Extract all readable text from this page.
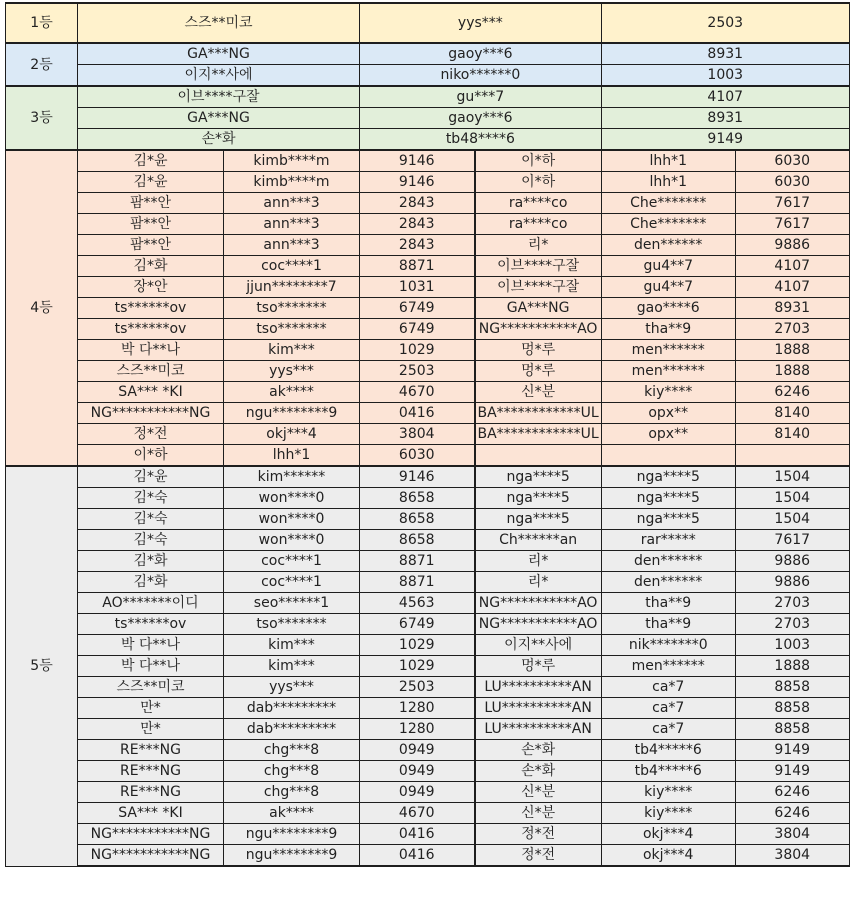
1등	스즈**미코		yys***		2503	
2등	GA***NG		gaoy***6		8931	
	이지**사에		niko******0		1003	
3등	이브****구잘		gu***7		4107	
	GA***NG		gaoy***6		8931	
	손*화		tb48****6		9149	
4등	김*윤	kimb****m	9146	이*하	lhh*1	6030
	김*윤	kimb****m	9146	이*하	lhh*1	6030
	팜**안	ann***3	2843	ra****co	Che*******	7617
	팜**안	ann***3	2843	ra****co	Che*******	7617
	팜**안	ann***3	2843	리*	den******	9886
	김*화	coc****1	8871	이브****구잘	gu4**7	4107
	장*안	jjun********7	1031	이브****구잘	gu4**7	4107
	ts******ov	tso*******	6749	GA***NG	gao****6	8931
	ts******ov	tso*******	6749	NG***********AO	tha**9	2703
	박 다**나	kim***	1029	멍*루	men******	1888
	스즈**미코	yys***	2503	멍*루	men******	1888
	SA*** *KI	ak****	4670	신*분	kiy****	6246
	NG***********NG	ngu********9	0416	BA************UL	opx**	8140
	정*전	okj***4	3804	BA************UL	opx**	8140
	이*하	lhh*1	6030			
5등	김*윤	kim******	9146	nga****5	nga****5	1504
	김*숙	won****0	8658	nga****5	nga****5	1504
	김*숙	won****0	8658	nga****5	nga****5	1504
	김*숙	won****0	8658	Ch******an	rar*****	7617
	김*화	coc****1	8871	리*	den******	9886
	김*화	coc****1	8871	리*	den******	9886
	AO*******이디	seo******1	4563	NG***********AO	tha**9	2703
	ts******ov	tso*******	6749	NG***********AO	tha**9	2703
	박 다**나	kim***	1029	이지**사에	nik*******0	1003
	박 다**나	kim***	1029	멍*루	men******	1888
	스즈**미코	yys***	2503	LU**********AN	ca*7	8858
	만*	dab*********	1280	LU**********AN	ca*7	8858
	만*	dab*********	1280	LU**********AN	ca*7	8858
	RE***NG	chg***8	0949	손*화	tb4*****6	9149
	RE***NG	chg***8	0949	손*화	tb4*****6	9149
	RE***NG	chg***8	0949	신*분	kiy****	6246
	SA*** *KI	ak****	4670	신*분	kiy****	6246
	NG***********NG	ngu********9	0416	정*전	okj***4	3804
	NG***********NG	ngu********9	0416	정*전	okj***4	3804
